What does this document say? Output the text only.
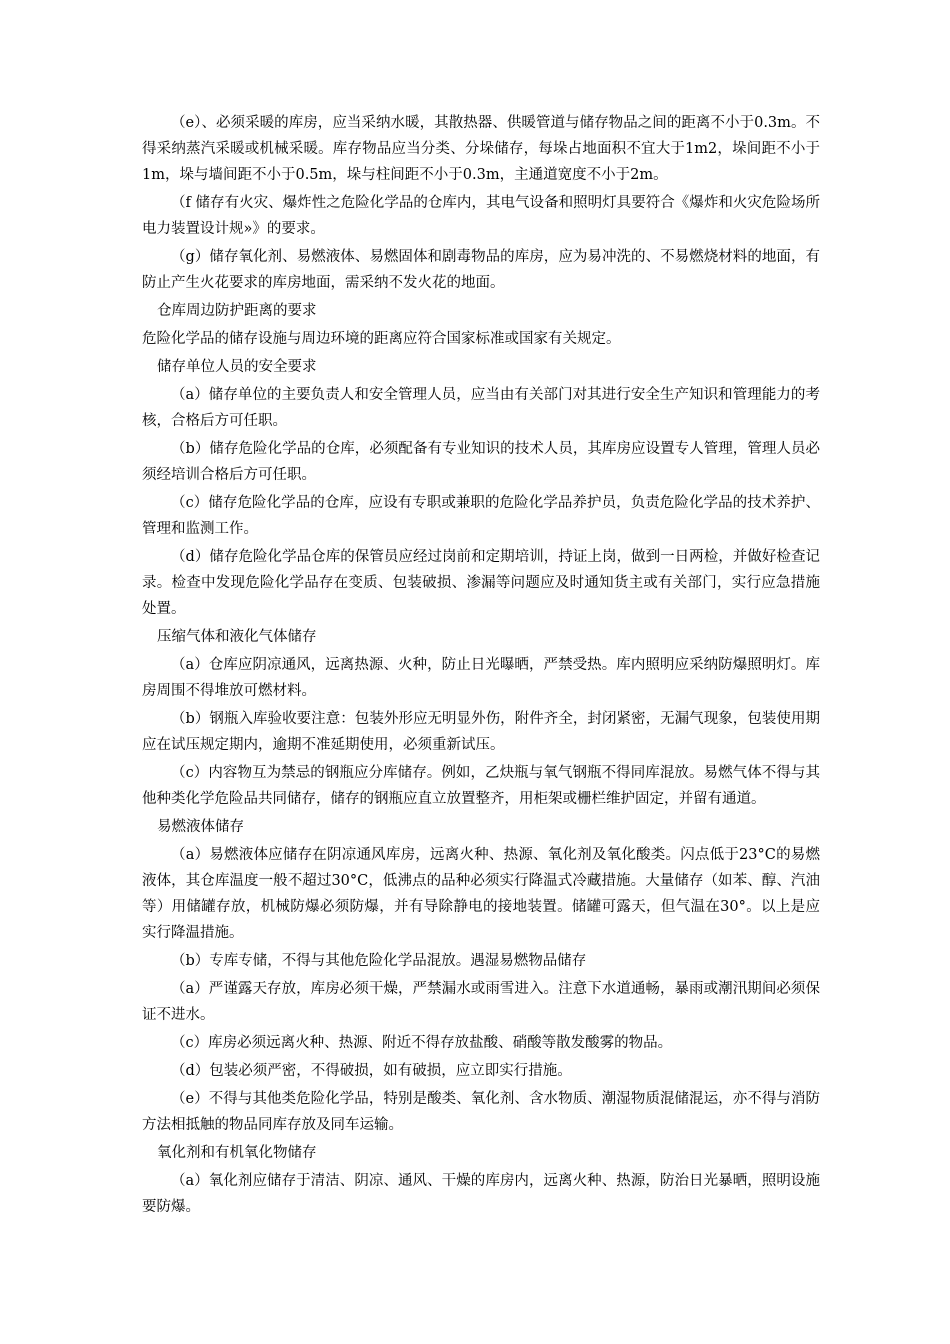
（e）、必须采暖的库房，应当采纳水暖，其散热器、供暖管道与储存物品之间的距离不小于0.3m。不得采纳蒸汽采暖或机械采暖。库存物品应当分类、分垛储存，每垛占地面积不宜大于1m2，垛间距不小于1m，垛与墙间距不小于0.5m，垛与柱间距不小于0.3m，主通道宽度不小于2m。

（f 储存有火灾、爆炸性之危险化学品的仓库内，其电气设备和照明灯具要符合《爆炸和火灾危险场所电力装置设计规»》的要求。

（g）储存氧化剂、易燃液体、易燃固体和剧毒物品的库房，应为易冲洗的、不易燃烧材料的地面，有防止产生火花要求的库房地面，需采纳不发火花的地面。

仓库周边防护距离的要求

危险化学品的储存设施与周边环境的距离应符合国家标准或国家有关规定。

储存单位人员的安全要求

（a）储存单位的主要负责人和安全管理人员，应当由有关部门对其进行安全生产知识和管理能力的考核，合格后方可任职。

（b）储存危险化学品的仓库，必须配备有专业知识的技术人员，其库房应设置专人管理，管理人员必须经培训合格后方可任职。

（c）储存危险化学品的仓库，应设有专职或兼职的危险化学品养护员，负责危险化学品的技术养护、管理和监测工作。

（d）储存危险化学品仓库的保管员应经过岗前和定期培训，持证上岗，做到一日两检，并做好检查记录。检查中发现危险化学品存在变质、包装破损、渗漏等问题应及时通知货主或有关部门，实行应急措施处置。

压缩气体和液化气体储存

（a）仓库应阴凉通风，远离热源、火种，防止日光曝晒，严禁受热。库内照明应采纳防爆照明灯。库房周围不得堆放可燃材料。

（b）钢瓶入库验收要注意：包装外形应无明显外伤，附件齐全，封闭紧密，无漏气现象，包装使用期应在试压规定期内，逾期不准延期使用，必须重新试压。

（c）内容物互为禁忌的钢瓶应分库储存。例如，乙炔瓶与氧气钢瓶不得同库混放。易燃气体不得与其他种类化学危险品共同储存，储存的钢瓶应直立放置整齐，用柜架或栅栏维护固定，并留有通道。

易燃液体储存

（a）易燃液体应储存在阴凉通风库房，远离火种、热源、氧化剂及氧化酸类。闪点低于23°C的易燃液体，其仓库温度一般不超过30°C，低沸点的品种必须实行降温式冷藏措施。大量储存（如苯、醇、汽油等）用储罐存放，机械防爆必须防爆，并有导除静电的接地装置。储罐可露天，但气温在30°。以上是应实行降温措施。

（b）专库专储，不得与其他危险化学品混放。遇湿易燃物品储存

（a）严谨露天存放，库房必须干燥，严禁漏水或雨雪进入。注意下水道通畅，暴雨或潮汛期间必须保证不进水。

（c）库房必须远离火种、热源、附近不得存放盐酸、硝酸等散发酸雾的物品。

（d）包装必须严密，不得破损，如有破损，应立即实行措施。

（e）不得与其他类危险化学品，特别是酸类、氧化剂、含水物质、潮湿物质混储混运，亦不得与消防方法相抵触的物品同库存放及同车运输。

氧化剂和有机氧化物储存

（a）氧化剂应储存于清洁、阴凉、通风、干燥的库房内，远离火种、热源，防治日光暴晒，照明设施要防爆。
